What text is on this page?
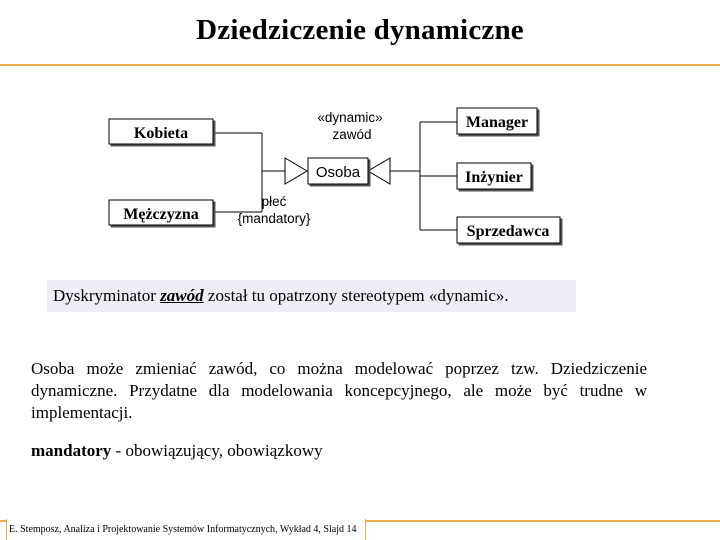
Dziedziczenie dynamiczne
Kobieta
Mężczyzna
Osoba
Manager
Inżynier
Sprzedawca
płeć
{mandatory}
«dynamic»
zawód
Dyskryminator zawód został tu opatrzony stereotypem «dynamic».
Osoba może zmieniać zawód, co można modelować poprzez tzw. Dziedziczenie dynamiczne. Przydatne dla modelowania koncepcyjnego, ale może być trudne w implementacji.
mandatory - obowiązujący, obowiązkowy
E. Stemposz, Analiza i Projektowanie Systemów Informatycznych, Wykład 4, Slajd 14
